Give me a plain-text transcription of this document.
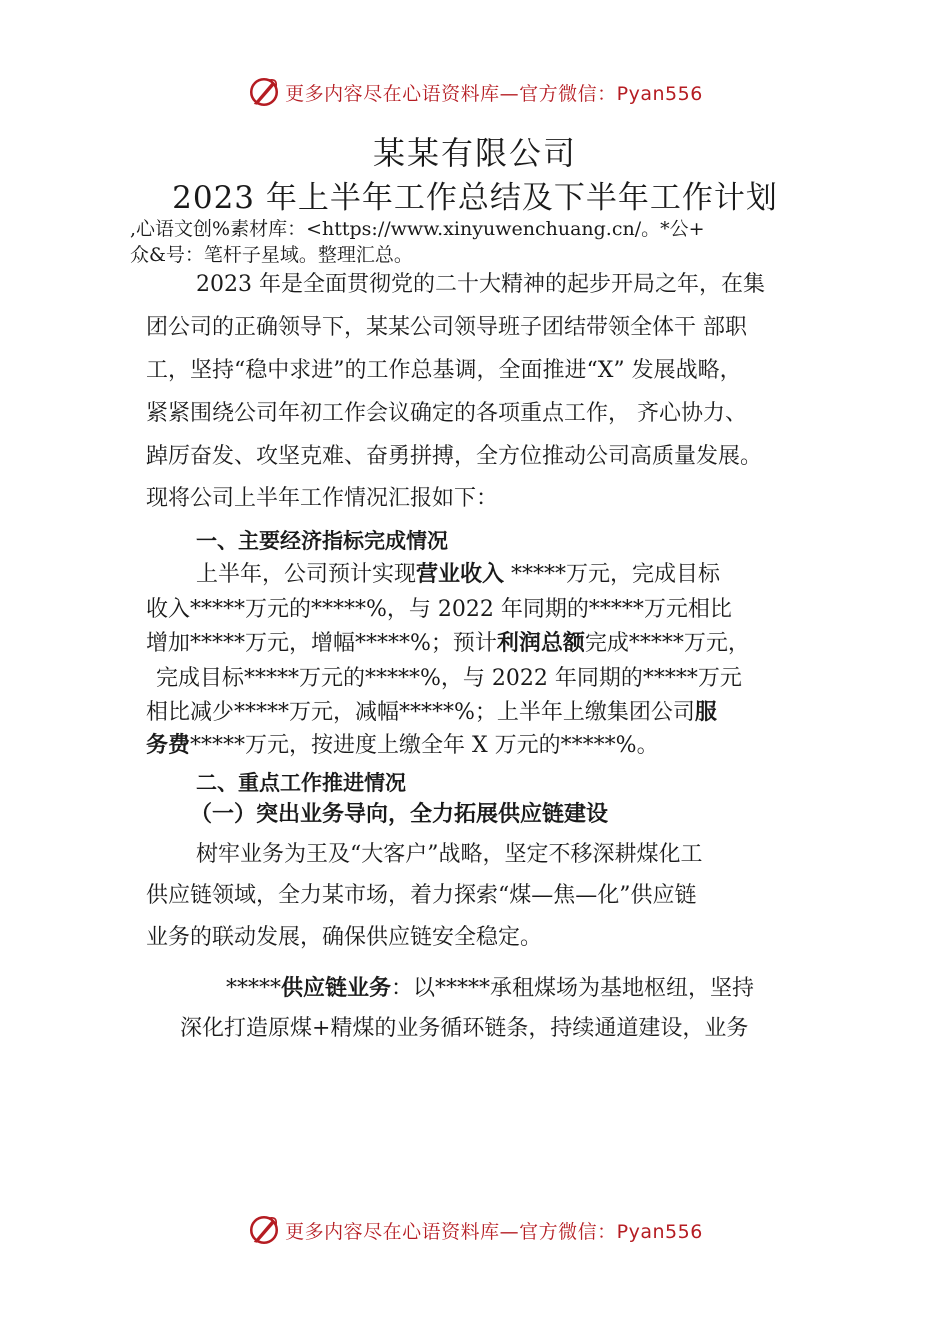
更多内容尽在心语资料库—官方微信：Pyan556
某某有限公司
2023 年上半年工作总结及下半年工作计划
,心语文创%素材库：<https://www.xinyuwenchuang.cn/。*公+
众&号：笔杆子星域。整理汇总。
2023 年是全面贯彻党的二十大精神的起步开局之年，在集
团公司的正确领导下，某某公司领导班子团结带领全体干 部职
工，坚持“稳中求进”的工作总基调，全面推进“X” 发展战略，
紧紧围绕公司年初工作会议确定的各项重点工作， 齐心协力、
踔厉奋发、攻坚克难、奋勇拼搏，全方位推动公司高质量发展。
现将公司上半年工作情况汇报如下：
一、主要经济指标完成情况
上半年，公司预计实现营业收入 *****万元，完成目标
收入*****万元的*****%，与 2022 年同期的*****万元相比
增加*****万元，增幅*****%；预计利润总额完成*****万元，
完成目标*****万元的*****%，与 2022 年同期的*****万元
相比减少*****万元，减幅*****%；上半年上缴集团公司服
务费*****万元，按进度上缴全年 X 万元的*****%。
二、重点工作推进情况
（一）突出业务导向，全力拓展供应链建设
树牢业务为王及“大客户”战略，坚定不移深耕煤化工
供应链领域，全力某市场，着力探索“煤—焦—化”供应链
业务的联动发展，确保供应链安全稳定。
*****供应链业务：以*****承租煤场为基地枢纽，坚持
深化打造原煤+精煤的业务循环链条，持续通道建设，业务
更多内容尽在心语资料库—官方微信：Pyan556
